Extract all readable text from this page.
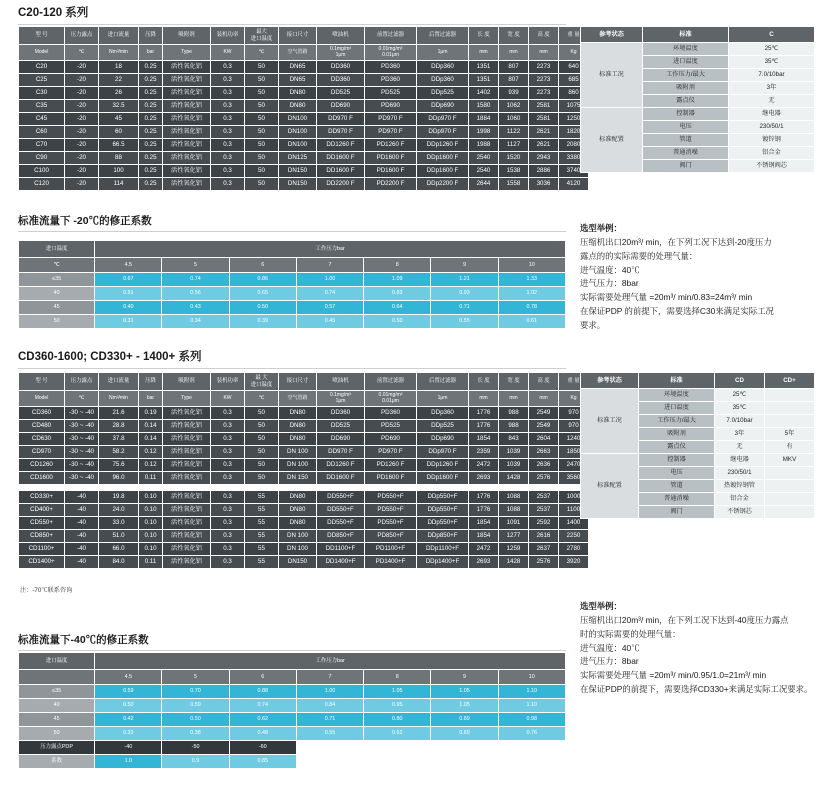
C20-120 系列
型 号	压力露点	进口流量	压降	吸附剂	装机功率	最大
进口温度	接口尺寸	喷油机	前置过滤器	后置过滤器	长 度	宽 度	高 度	重 量
Model	℃	Nm³/min	bar	Type	KW	℃	空气管路	0.1mg/m³
1μm	0.01mg/m³
0.01μm	1μm	mm	mm	mm	Kg
C20	-20	18	0.25	活性氧化铝	0.3	50	DN65	DD360	PD360	DDp360	1351	807	2273	640
C25	-20	22	0.25	活性氧化铝	0.3	50	DN65	DD360	PD360	DDp360	1351	807	2273	685
C30	-20	26	0.25	活性氧化铝	0.3	50	DN80	DD525	PD525	DDp525	1402	939	2273	860
C35	-20	32.5	0.25	活性氧化铝	0.3	50	DN80	DD690	PD690	DDp690	1580	1062	2581	1075
C45	-20	45	0.25	活性氧化铝	0.3	50	DN100	DD970 F	PD970 F	DDp970 F	1884	1060	2581	1250
C60	-20	60	0.25	活性氧化铝	0.3	50	DN100	DD970 F	PD970 F	DDp970 F	1998	1122	2621	1820
C70	-20	66.5	0.25	活性氧化铝	0.3	50	DN100	DD1260 F	PD1260 F	DDp1260 F	1988	1127	2621	2080
C90	-20	88	0.25	活性氧化铝	0.3	50	DN125	DD1600 F	PD1600 F	DDp1600 F	2540	1520	2943	3380
C100	-20	100	0.25	活性氧化铝	0.3	50	DN150	DD1600 F	PD1600 F	DDp1600 F	2540	1538	2886	3740
C120	-20	114	0.25	活性氧化铝	0.3	50	DN150	DD2200 F	PD2200 F	DDp2200 F	2644	1558	3036	4120
参考状态	标准	C
标准工况	环境温度	25℃
	进口温度	35℃
	工作压力/最大	7.0/10bar
	吸附剂	3年
	露点仪	无
标准配置	控制器	继电器
	电压	230/50/1
	管道	镀锌钢
	普通消噪	铝合金
	阀门	不锈钢阀芯
标准流量下 -20℃的修正系数
进口温度	工作压力bar						
℃	4.5	5	6	7	8	9	10
≤35	0.67	0.74	0.86	1.00	1.09	1.21	1.33
40	0.51	0.56	0.65	0.74	0.83	0.93	1.02
45	0.40	0.43	0.50	0.57	0.64	0.71	0.78
50	0.31	0.34	0.39	0.45	0.50	0.55	0.61
选型举例：
压缩机出口20m³/ min，在下列工况下达到-20度压力
露点的的实际需要的处理气量：
进气温度：40℃
进气压力：8bar
实际需要处理气量 =20m³/ min/0.83=24m³/ min
在保证PDP 的前提下，需要选择C30来满足实际工况
要求。
CD360-1600; CD330+ - 1400+ 系列
型 号	压力露点	进口流量	压降	吸附剂	装机功率	最 大
进口温度	接口尺寸	喷油机	前置过滤器	后置过滤器	长 度	宽 度	高 度	重 量
Model	℃	Nm³/min	bar	Type	KW	℃	空气管路	0.1mg/m³
1μm	0.01mg/m³
0.01μm	1μm	mm	mm	mm	Kg
CD360	-30 ~ -40	21.6	0.19	活性氧化铝	0.3	50	DN80	DD360	PD360	DDp360	1776	988	2549	970
CD480	-30 ~ -40	28.8	0.14	活性氧化铝	0.3	50	DN80	DD525	PD525	DDp525	1776	988	2549	970
CD630	-30 ~ -40	37.8	0.14	活性氧化铝	0.3	50	DN80	DD690	PD690	DDp690	1854	843	2604	1240
CD970	-30 ~ -40	58.2	0.12	活性氧化铝	0.3	50	DN 100	DD970 F	PD970 F	DDp970 F	2359	1039	2663	1850
CD1260	-30 ~ -40	75.6	0.12	活性氧化铝	0.3	50	DN 100	DD1260 F	PD1260 F	DDp1260 F	2472	1039	2636	2470
CD1600	-30 ~ -40	96.0	0.11	活性氧化铝	0.3	50	DN 150	DD1600 F	PD1600 F	DDp1600 F	2693	1428	2576	3560

CD330+	-40	19.8	0.10	活性氧化铝	0.3	55	DN80	DD550+F	PD550+F	DDp550+F	1776	1088	2537	1000
CD400+	-40	24.0	0.10	活性氧化铝	0.3	55	DN80	DD550+F	PD550+F	DDp550+F	1776	1088	2537	1100
CD550+	-40	33.0	0.10	活性氧化铝	0.3	55	DN80	DD550+F	PD550+F	DDp550+F	1854	1091	2592	1400
CD850+	-40	51.0	0.10	活性氧化铝	0.3	55	DN 100	DD850+F	PD850+F	DDp850+F	1854	1277	2616	2250
CD1100+	-40	66.0	0.10	活性氧化铝	0.3	55	DN 100	DD1100+F	PD1100+F	DDp1100+F	2472	1259	2637	2780
CD1400+	-40	84.0	0.11	活性氧化铝	0.3	55	DN150	DD1400+F	PD1400+F	DDp1400+F	2693	1428	2576	3920
注：-70℃联系咨询
参考状态	标准	CD	CD+
标准工况	环境温度	25℃	
	进口温度	35℃	
	工作压力/最大	7.0/10bar	
	吸附剂	3年	5年
	露点仪	无	有
标准配置	控制器	继电器	MKV
	电压	230/50/1	
	管道	热镀锌钢管	
	普通消噪	铝合金	
	阀门	不锈钢芯	
标准流量下-40℃的修正系数
进口温度	工作压力bar						
	4.5	5	6	7	8	9	10
≤35	0.59	0.70	0.88	1.00	1.05	1.05	1.10
40	0.50	0.59	0.74	0.84	0.95	1.05	1.10
45	0.42	0.50	0.62	0.71	0.80	0.89	0.98
50	0.33	0.38	0.48	0.55	0.62	0.69	0.76
压力露点PDP	-40	-50	-60				
系数	1.0	0.9	0.85				
选型举例：
压缩机出口20m³/ min，在下列工况下达到-40度压力露点
时的实际需要的处理气量：
进气温度：40℃
进气压力：8bar
实际需要处理气量 =20m³/ min/0.95/1.0=21m³/ min
在保证PDP的前提下，需要选择CD330+来满足实际工况要求。
